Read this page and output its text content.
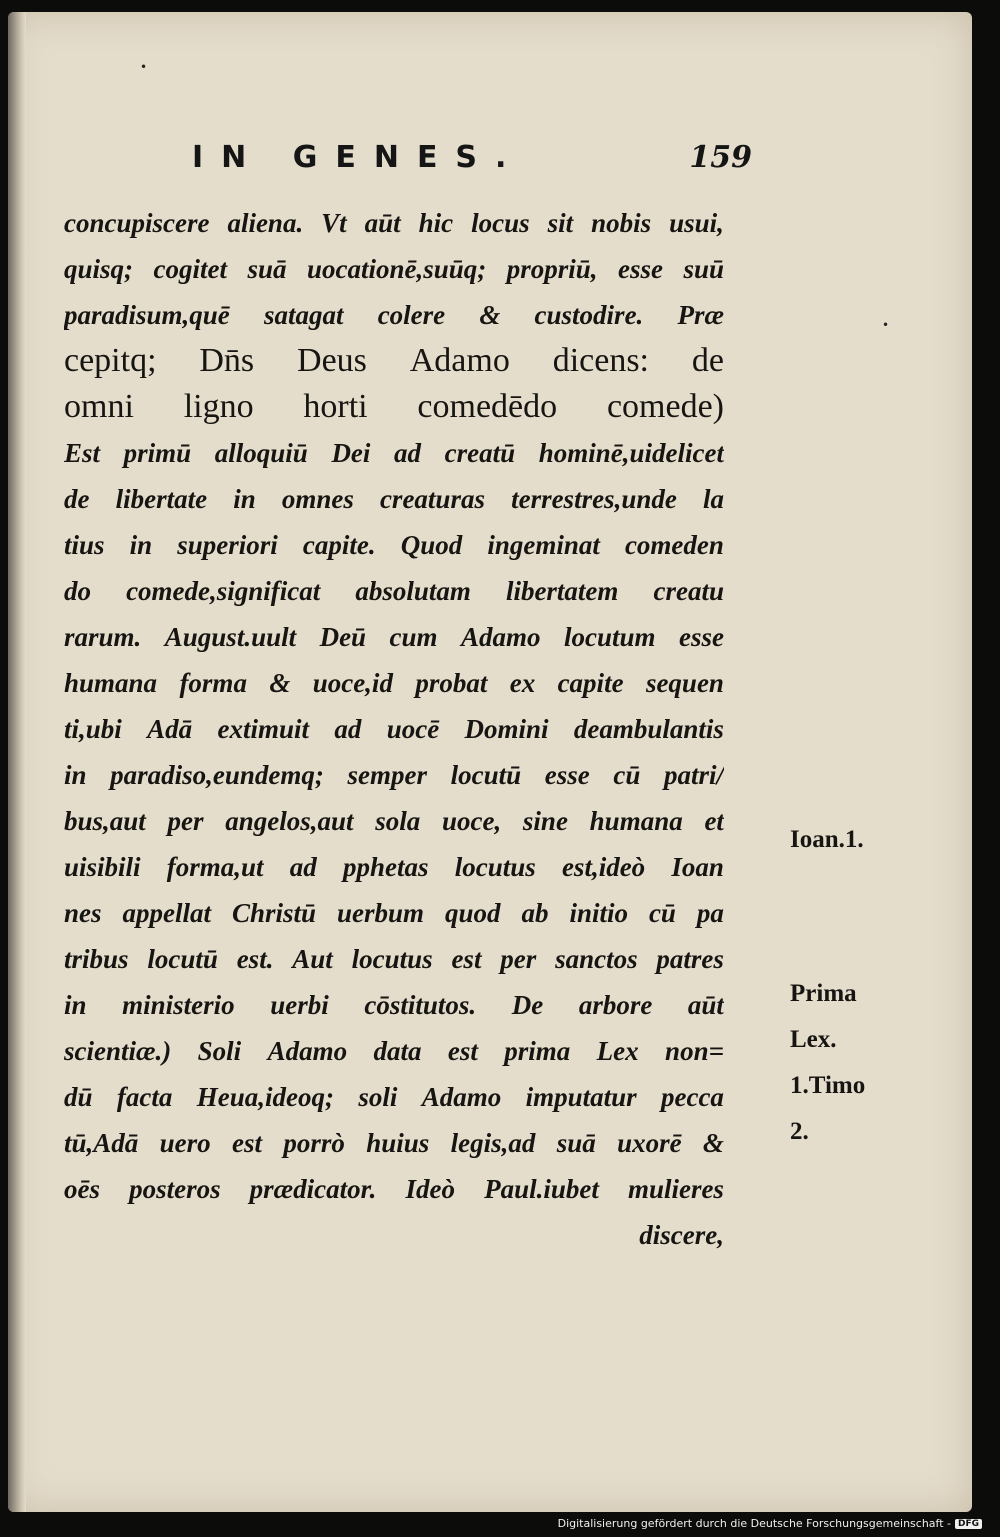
•
•
IN GENES.	159
concupiscere aliena. Vt aūt hic locus sit nobis usui,
quisq; cogitet suā uocationē,suūq; propriū, esse suū
paradisum,quē satagat colere & custodire. Præ
cepitq; Dn̄s Deus Adamo dicens: de
omni ligno horti comedēdo comede)
Est primū alloquiū Dei ad creatū hominē,uidelicet
de libertate in omnes creaturas terrestres,unde la
tius in superiori capite. Quod ingeminat comeden
do comede,significat absolutam libertatem creatu
rarum. August.uult Deū cum Adamo locutum esse
humana forma & uoce,id probat ex capite sequen
ti,ubi Adā extimuit ad uocē Domini deambulantis
in paradiso,eundemq; semper locutū esse cū patri/
bus,aut per angelos,aut sola uoce, sine humana et
uisibili forma,ut ad pphetas locutus est,ideò Ioan
nes appellat Christū uerbum quod ab initio cū pa
tribus locutū est. Aut locutus est per sanctos patres
in ministerio uerbi cōstitutos. De arbore aūt
scientiæ.) Soli Adamo data est prima Lex non=
dū facta Heua,ideoq; soli Adamo imputatur pecca
tū,Adā uero est porrò huius legis,ad suā uxorē &
oēs posteros prædicator. Ideò Paul.iubet mulieres
discere,
Ioan.1.
Prima
Lex.
1.Timo
2.
Digitalisierung gefördert durch die Deutsche Forschungsgemeinschaft - DFG
